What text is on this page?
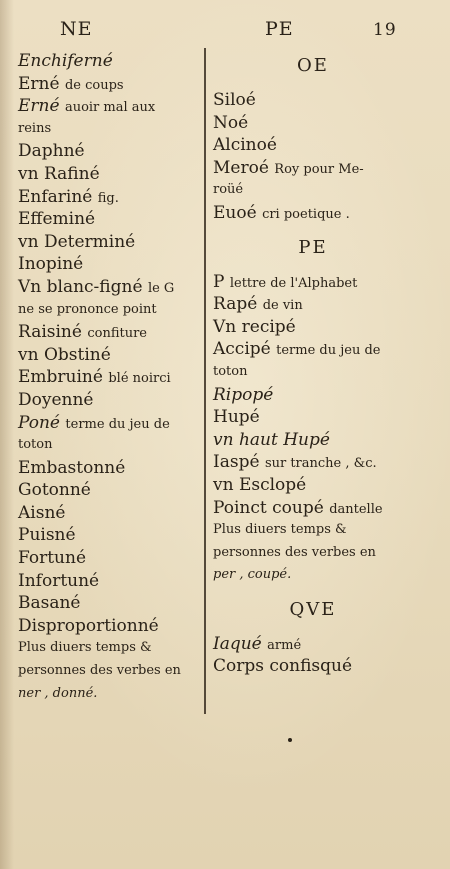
NE	PE	19
Enchiferné
Erné de coups
Erné auoir mal aux
reins
Daphné
vn Rafiné
Enfariné fig.
Effeminé
vn Determiné
Inopiné
Vn blanc-figné le G
ne se prononce point
Raisiné confiture
vn Obstiné
Embruiné blé noirci
Doyenné
Poné terme du jeu de
toton
Embastonné
Gotonné
Aisné
Puisné
Fortuné
Infortuné
Basané
Disproportionné
Plus diuers temps &
personnes des verbes en
ner , donné.
OE
Siloé
Noé
Alcinoé
Meroé Roy pour Me-
roüé
Euoé cri poetique .
PE
P lettre de l'Alphabet
Rapé de vin
Vn recipé
Accipé terme du jeu de
toton
Ripopé
Hupé
vn haut Hupé
Iaspé sur tranche , &c.
vn Esclopé
Poinct coupé dantelle
Plus diuers temps &
personnes des verbes en
per , coupé.
QVE
Iaqué armé
Corps confisqué
